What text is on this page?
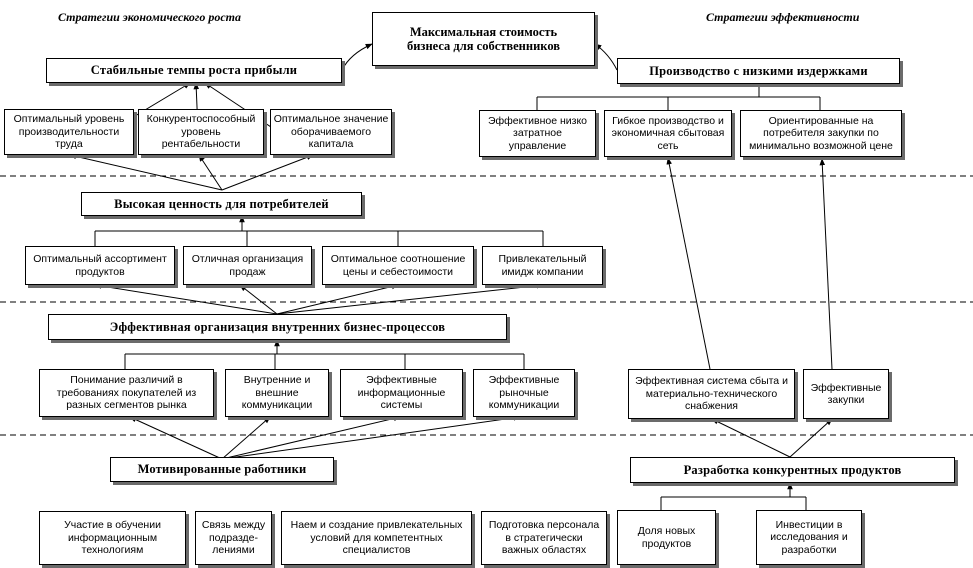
Стратегии экономического роста	Стратегии эффективности
Максимальная стоимость
бизнеса для собственников
Стабильные темпы роста прибыли
Оптимальный уровень
производительности
труда
Конкурентоспособный
уровень
рентабельности
Оптимальное значение
оборачиваемого
капитала
Производство с низкими издержками
Эффективное низко
затратное
управление
Гибкое производство и
экономичная сбытовая
сеть
Ориентированные на
потребителя закупки по
минимально возможной цене
Высокая ценность для потребителей
Оптимальный ассортимент
продуктов
Отличная организация
продаж
Оптимальное соотношение
цены и себестоимости
Привлекательный
имидж компании
Эффективная организация внутренних бизнес-процессов
Понимание различий в
требованиях покупателей из
разных сегментов рынка
Внутренние и
внешние
коммуникации
Эффективные
информационные
системы
Эффективные
рыночные
коммуникации
Эффективная система сбыта и
материально-технического
снабжения
Эффективные
закупки
Мотивированные работники
Участие в обучении
информационным
технологиям
Связь между
подразде-
лениями
Наем и создание привлекательных
условий для компетентных
специалистов
Подготовка персонала
в стратегически
важных областях
Разработка конкурентных продуктов
Доля новых
продуктов
Инвестиции в
исследования и
разработки
